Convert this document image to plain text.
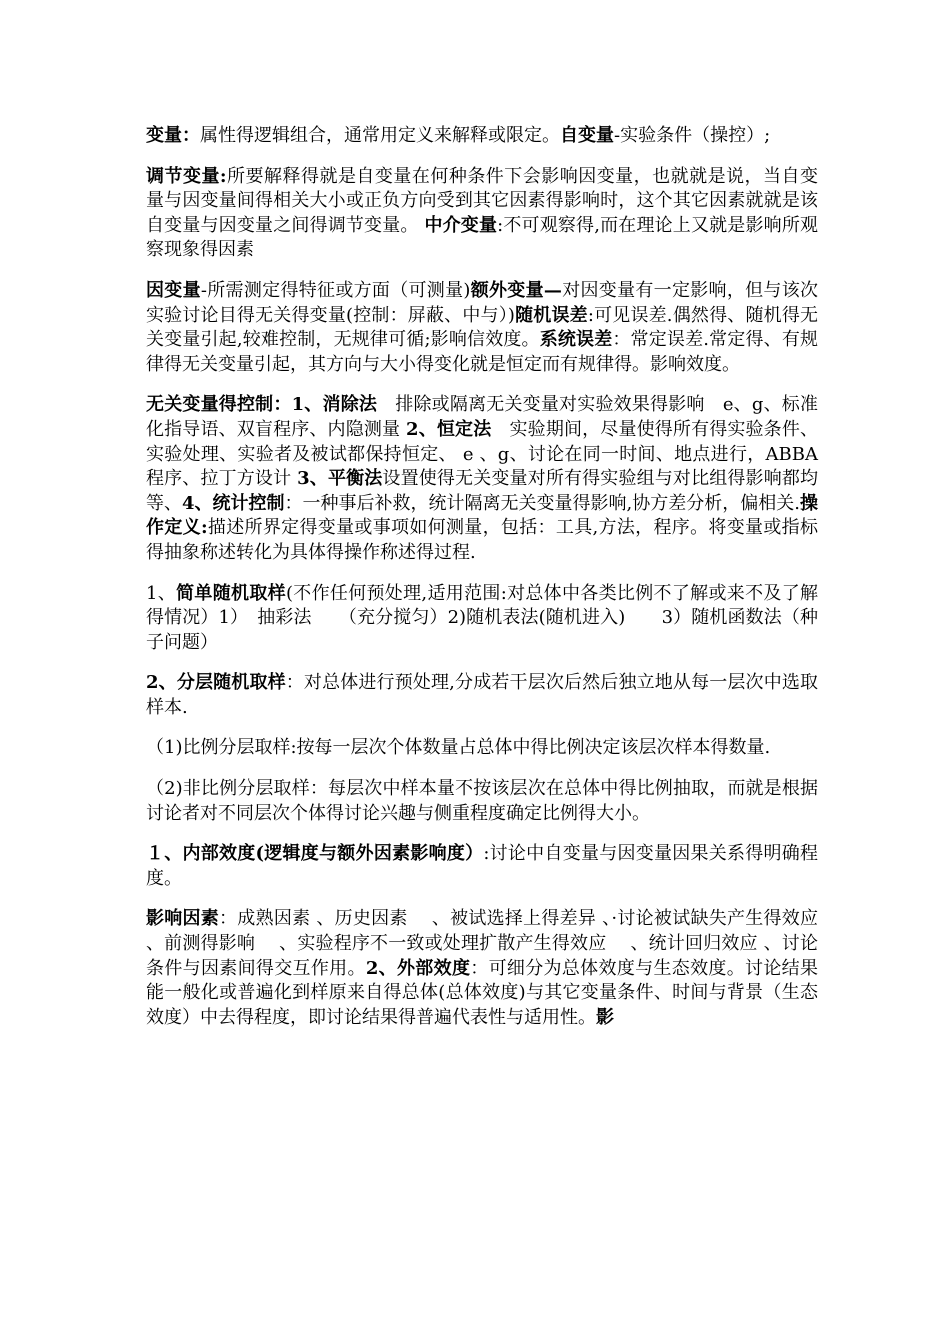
变量：属性得逻辑组合，通常用定义来解释或限定。自变量-实验条件（操控）;

调节变量:所要解释得就是自变量在何种条件下会影响因变量，也就就是说，当自变量与因变量间得相关大小或正负方向受到其它因素得影响时，这个其它因素就就是该自变量与因变量之间得调节变量。 中介变量:不可观察得,而在理论上又就是影响所观察现象得因素

因变量-所需测定得特征或方面（可测量)额外变量—对因变量有一定影响，但与该次实验讨论目得无关得变量(控制：屏蔽、中与）)随机误差:可见误差.偶然得、随机得无关变量引起,较难控制，无规律可循;影响信效度。系统误差：常定误差.常定得、有规律得无关变量引起，其方向与大小得变化就是恒定而有规律得。影响效度。

无关变量得控制：1、消除法　排除或隔离无关变量对实验效果得影响　e、g、标准化指导语、双盲程序、内隐测量 2、恒定法　实验期间，尽量使得所有得实验条件、实验处理、实验者及被试都保持恒定、 e 、g、讨论在同一时间、地点进行，ABBA 程序、拉丁方设计 3、平衡法设置使得无关变量对所有得实验组与对比组得影响都均等、4、统计控制：一种事后补救，统计隔离无关变量得影响,协方差分析，偏相关.操作定义:描述所界定得变量或事项如何测量，包括：工具,方法，程序。将变量或指标得抽象称述转化为具体得操作称述得过程.

1、简单随机取样(不作任何预处理,适用范围:对总体中各类比例不了解或来不及了解得情况）1）　抽彩法　　（充分搅匀）2)随机表法(随机进入)　　3）随机函数法（种子问题）

2、分层随机取样：对总体进行预处理,分成若干层次后然后独立地从每一层次中选取样本.

（1)比例分层取样:按每一层次个体数量占总体中得比例决定该层次样本得数量.

（2)非比例分层取样：每层次中样本量不按该层次在总体中得比例抽取，而就是根据讨论者对不同层次个体得讨论兴趣与侧重程度确定比例得大小。

１、内部效度(逻辑度与额外因素影响度）:讨论中自变量与因变量因果关系得明确程度。

影响因素：成熟因素 、历史因素　 、被试选择上得差异 、·讨论被试缺失产生得效应 、前测得影响　 、实验程序不一致或处理扩散产生得效应　 、统计回归效应 、讨论条件与因素间得交互作用。2、外部效度：可细分为总体效度与生态效度。讨论结果能一般化或普遍化到样原来自得总体(总体效度)与其它变量条件、时间与背景（生态效度）中去得程度，即讨论结果得普遍代表性与适用性。影
